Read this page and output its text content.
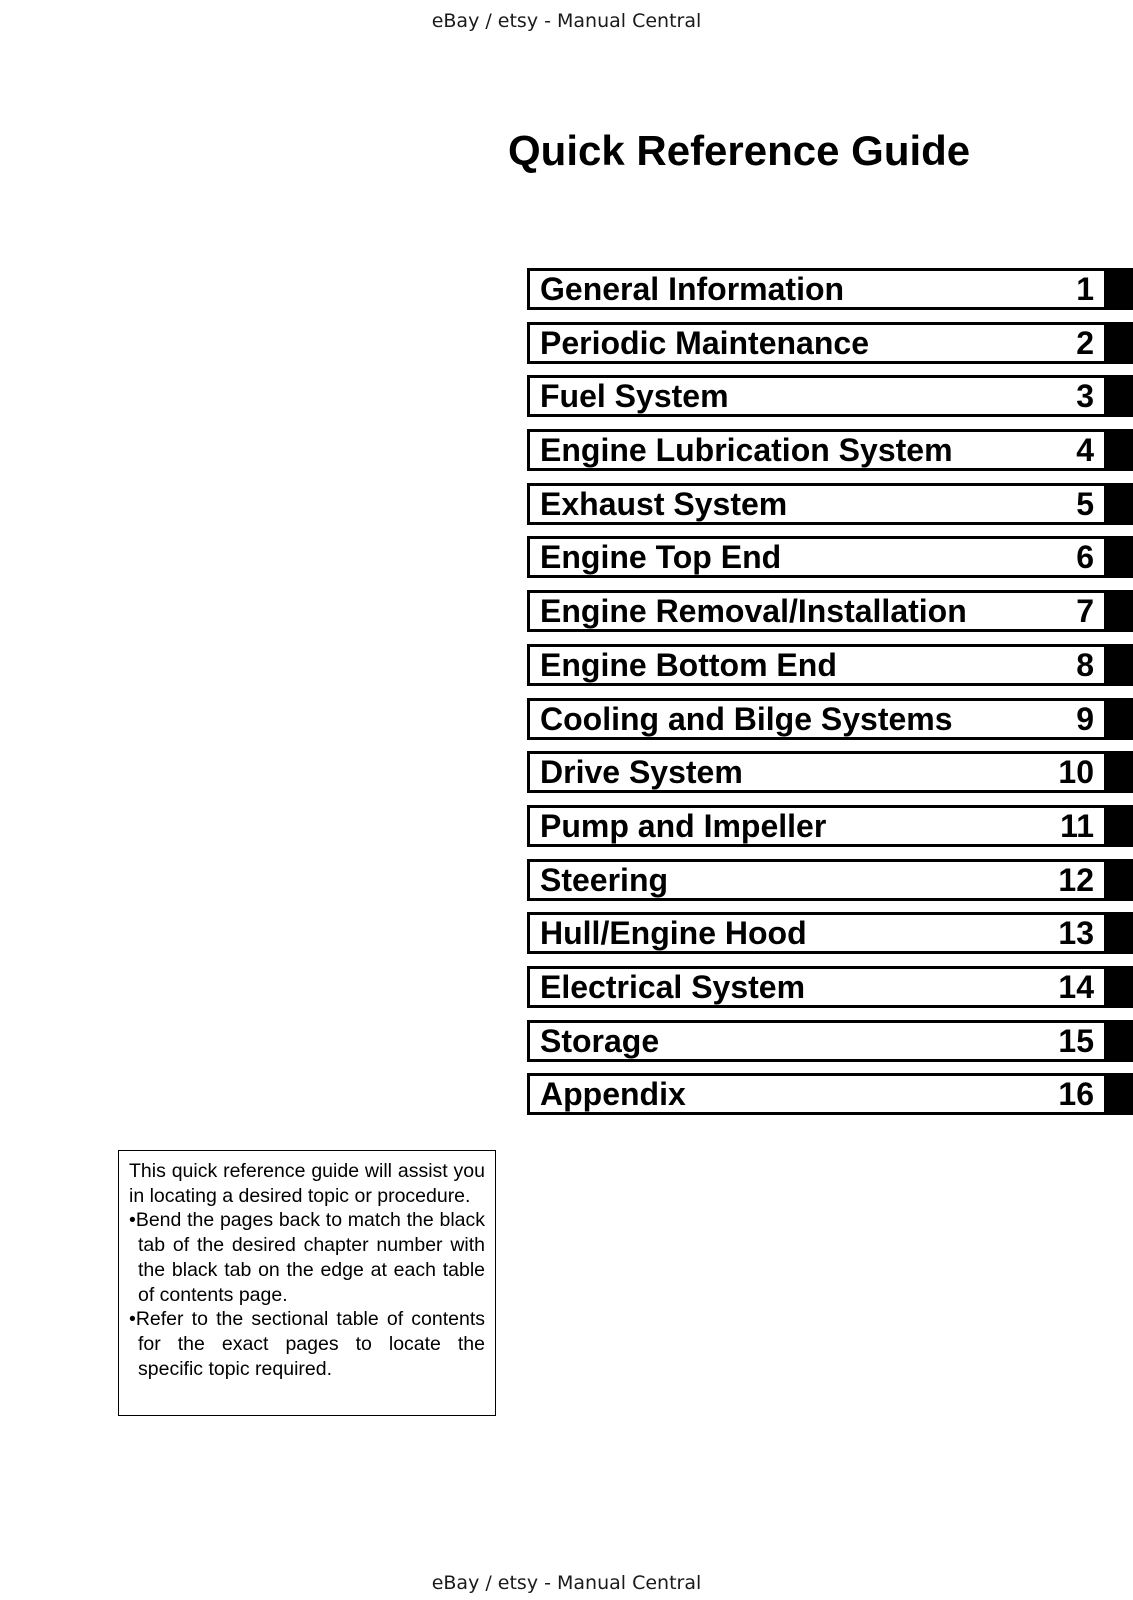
eBay / etsy - Manual Central
Quick Reference Guide
General Information	1
Periodic Maintenance	2
Fuel System	3
Engine Lubrication System	4
Exhaust System	5
Engine Top End	6
Engine Removal/Installation	7
Engine Bottom End	8
Cooling and Bilge Systems	9
Drive System	10
Pump and Impeller	11
Steering	12
Hull/Engine Hood	13
Electrical System	14
Storage	15
Appendix	16

This quick reference guide will assist you in locating a desired topic or procedure.

•Bend the pages back to match the black tab of the desired chapter number with the black tab on the edge at each table of contents page.

•Refer to the sectional table of contents for the exact pages to locate the specific topic required.

eBay / etsy - Manual Central
